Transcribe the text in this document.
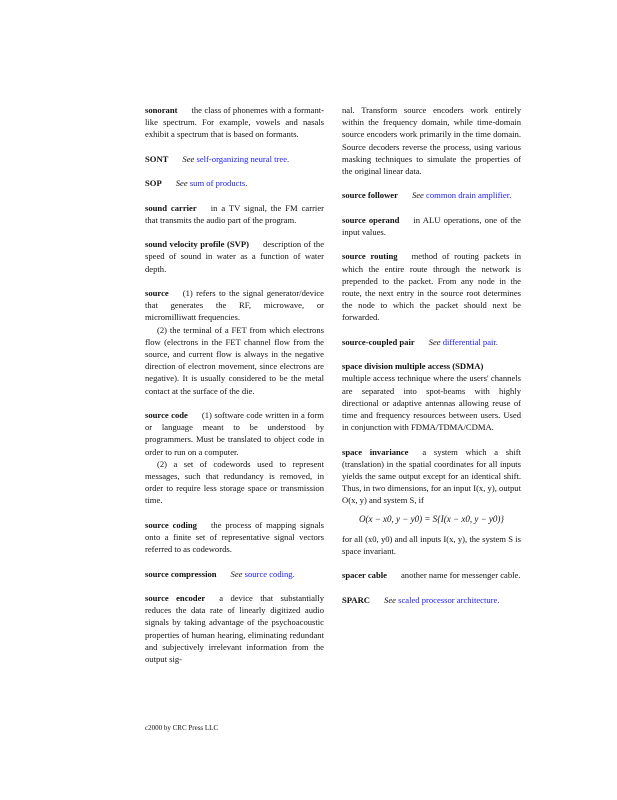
sonorant the class of phonemes with a formant-like spectrum. For example, vowels and nasals exhibit a spectrum that is based on formants.

SONT See self-organizing neural tree.

SOP See sum of products.

sound carrier in a TV signal, the FM carrier that transmits the audio part of the program.

sound velocity profile (SVP) description of the speed of sound in water as a function of water depth.

source (1) refers to the signal generator/device that generates the RF, microwave, or micromilliwatt frequencies.

(2) the terminal of a FET from which electrons flow (electrons in the FET channel flow from the source, and current flow is always in the negative direction of electron movement, since electrons are negative). It is usually considered to be the metal contact at the surface of the die.

source code (1) software code written in a form or language meant to be understood by programmers. Must be translated to object code in order to run on a computer.

(2) a set of codewords used to represent messages, such that redundancy is removed, in order to require less storage space or transmission time.

source coding the process of mapping signals onto a finite set of representative signal vectors referred to as codewords.

source compression See source coding.

source encoder a device that substantially reduces the data rate of linearly digitized audio signals by taking advantage of the psychoacoustic properties of human hearing, eliminating redundant and subjectively irrelevant information from the output sig-

nal. Transform source encoders work entirely within the frequency domain, while time-domain source encoders work primarily in the time domain. Source decoders reverse the process, using various masking techniques to simulate the properties of the original linear data.

source follower See common drain amplifier.

source operand in ALU operations, one of the input values.

source routing method of routing packets in which the entire route through the network is prepended to the packet. From any node in the route, the next entry in the source root determines the node to which the packet should next be forwarded.

source-coupled pair See differential pair.

space division multiple access (SDMA)

multiple access technique where the users' channels are separated into spot-beams with highly directional or adaptive antennas allowing reuse of time and frequency resources between users. Used in conjunction with FDMA/TDMA/CDMA.

space invariance a system which a shift (translation) in the spatial coordinates for all inputs yields the same output except for an identical shift. Thus, in two dimensions, for an input I(x, y), output O(x, y) and system S, if

O(x − x0, y − y0) = S{I(x − x0, y − y0)}

for all (x0, y0) and all inputs I(x, y), the system S is space invariant.

spacer cable another name for messenger cable.

SPARC See scaled processor architecture.

c2000 by CRC Press LLC
